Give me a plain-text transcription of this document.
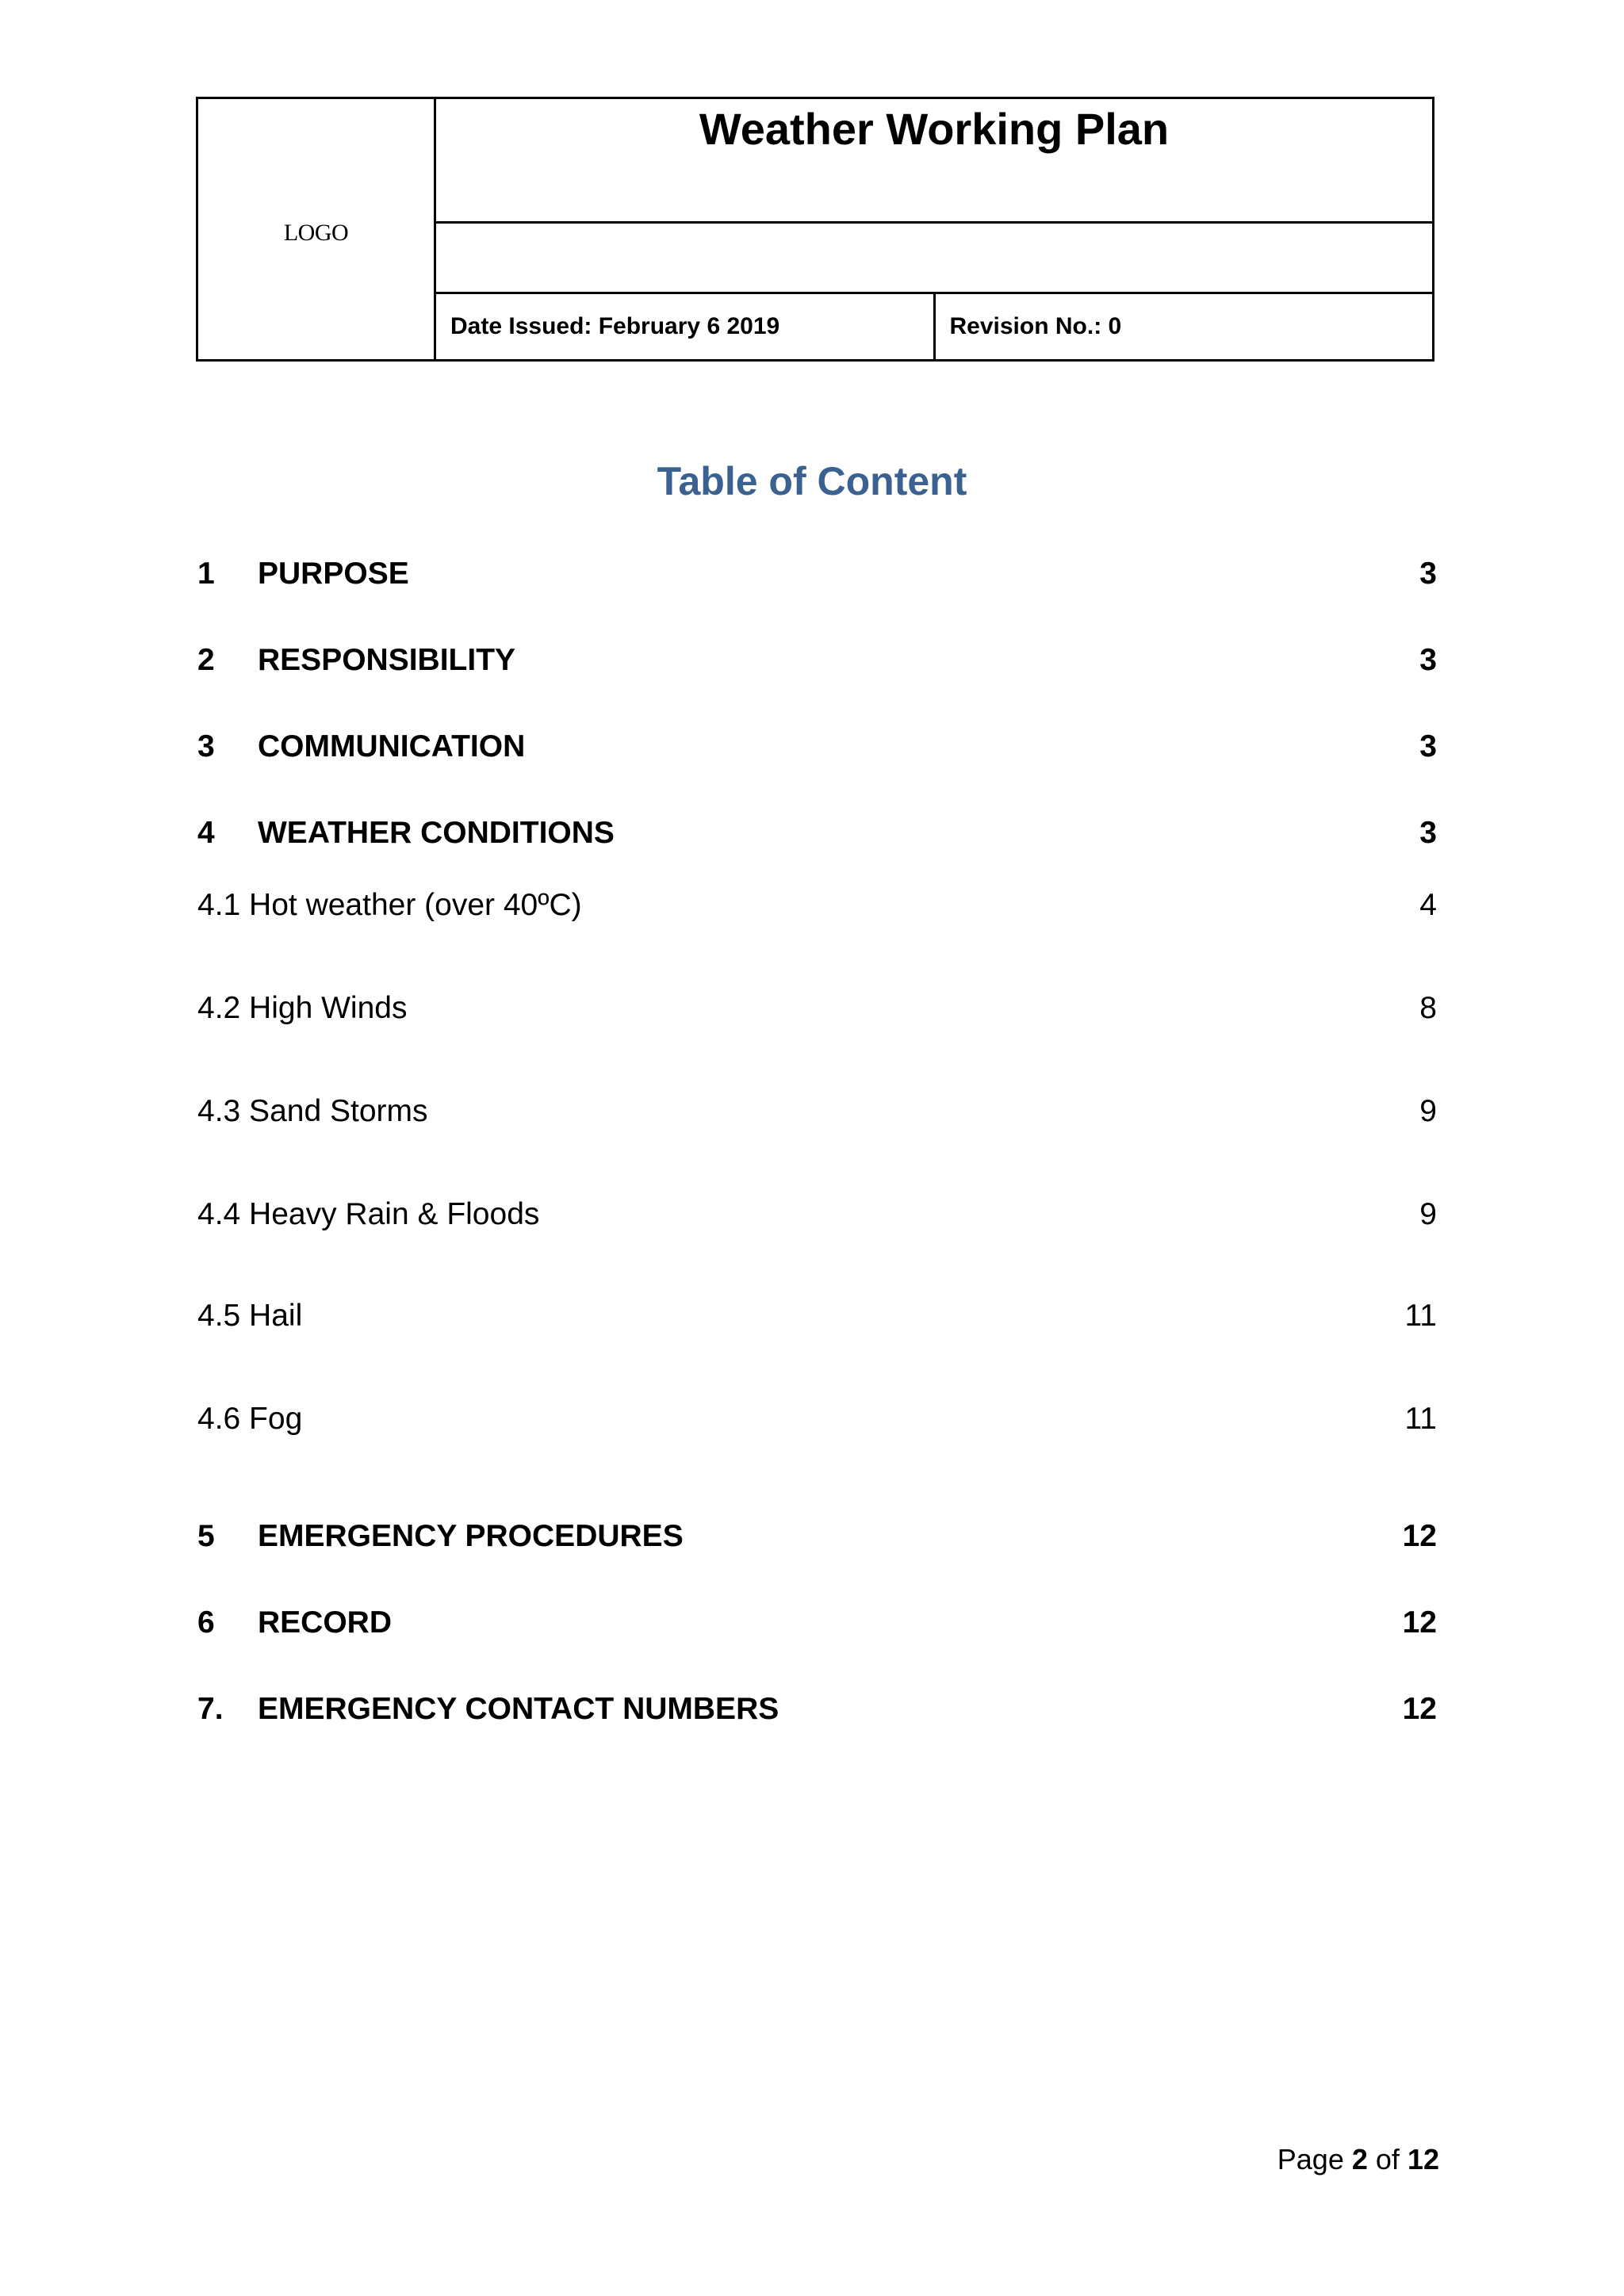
LOGO	Weather Working Plan	

	Date Issued: February 6 2019	Revision No.: 0
Table of Content
1	PURPOSE	3
2	RESPONSIBILITY	3
3	COMMUNICATION	3
4	WEATHER CONDITIONS	3
4.1 Hot weather (over 40ºC)	4
4.2 High Winds	8
4.3 Sand Storms	9
4.4 Heavy Rain & Floods	9
4.5 Hail	11
4.6 Fog	11
5	EMERGENCY PROCEDURES	12
6	RECORD	12
7.	EMERGENCY CONTACT NUMBERS	12
Page 2 of 12
